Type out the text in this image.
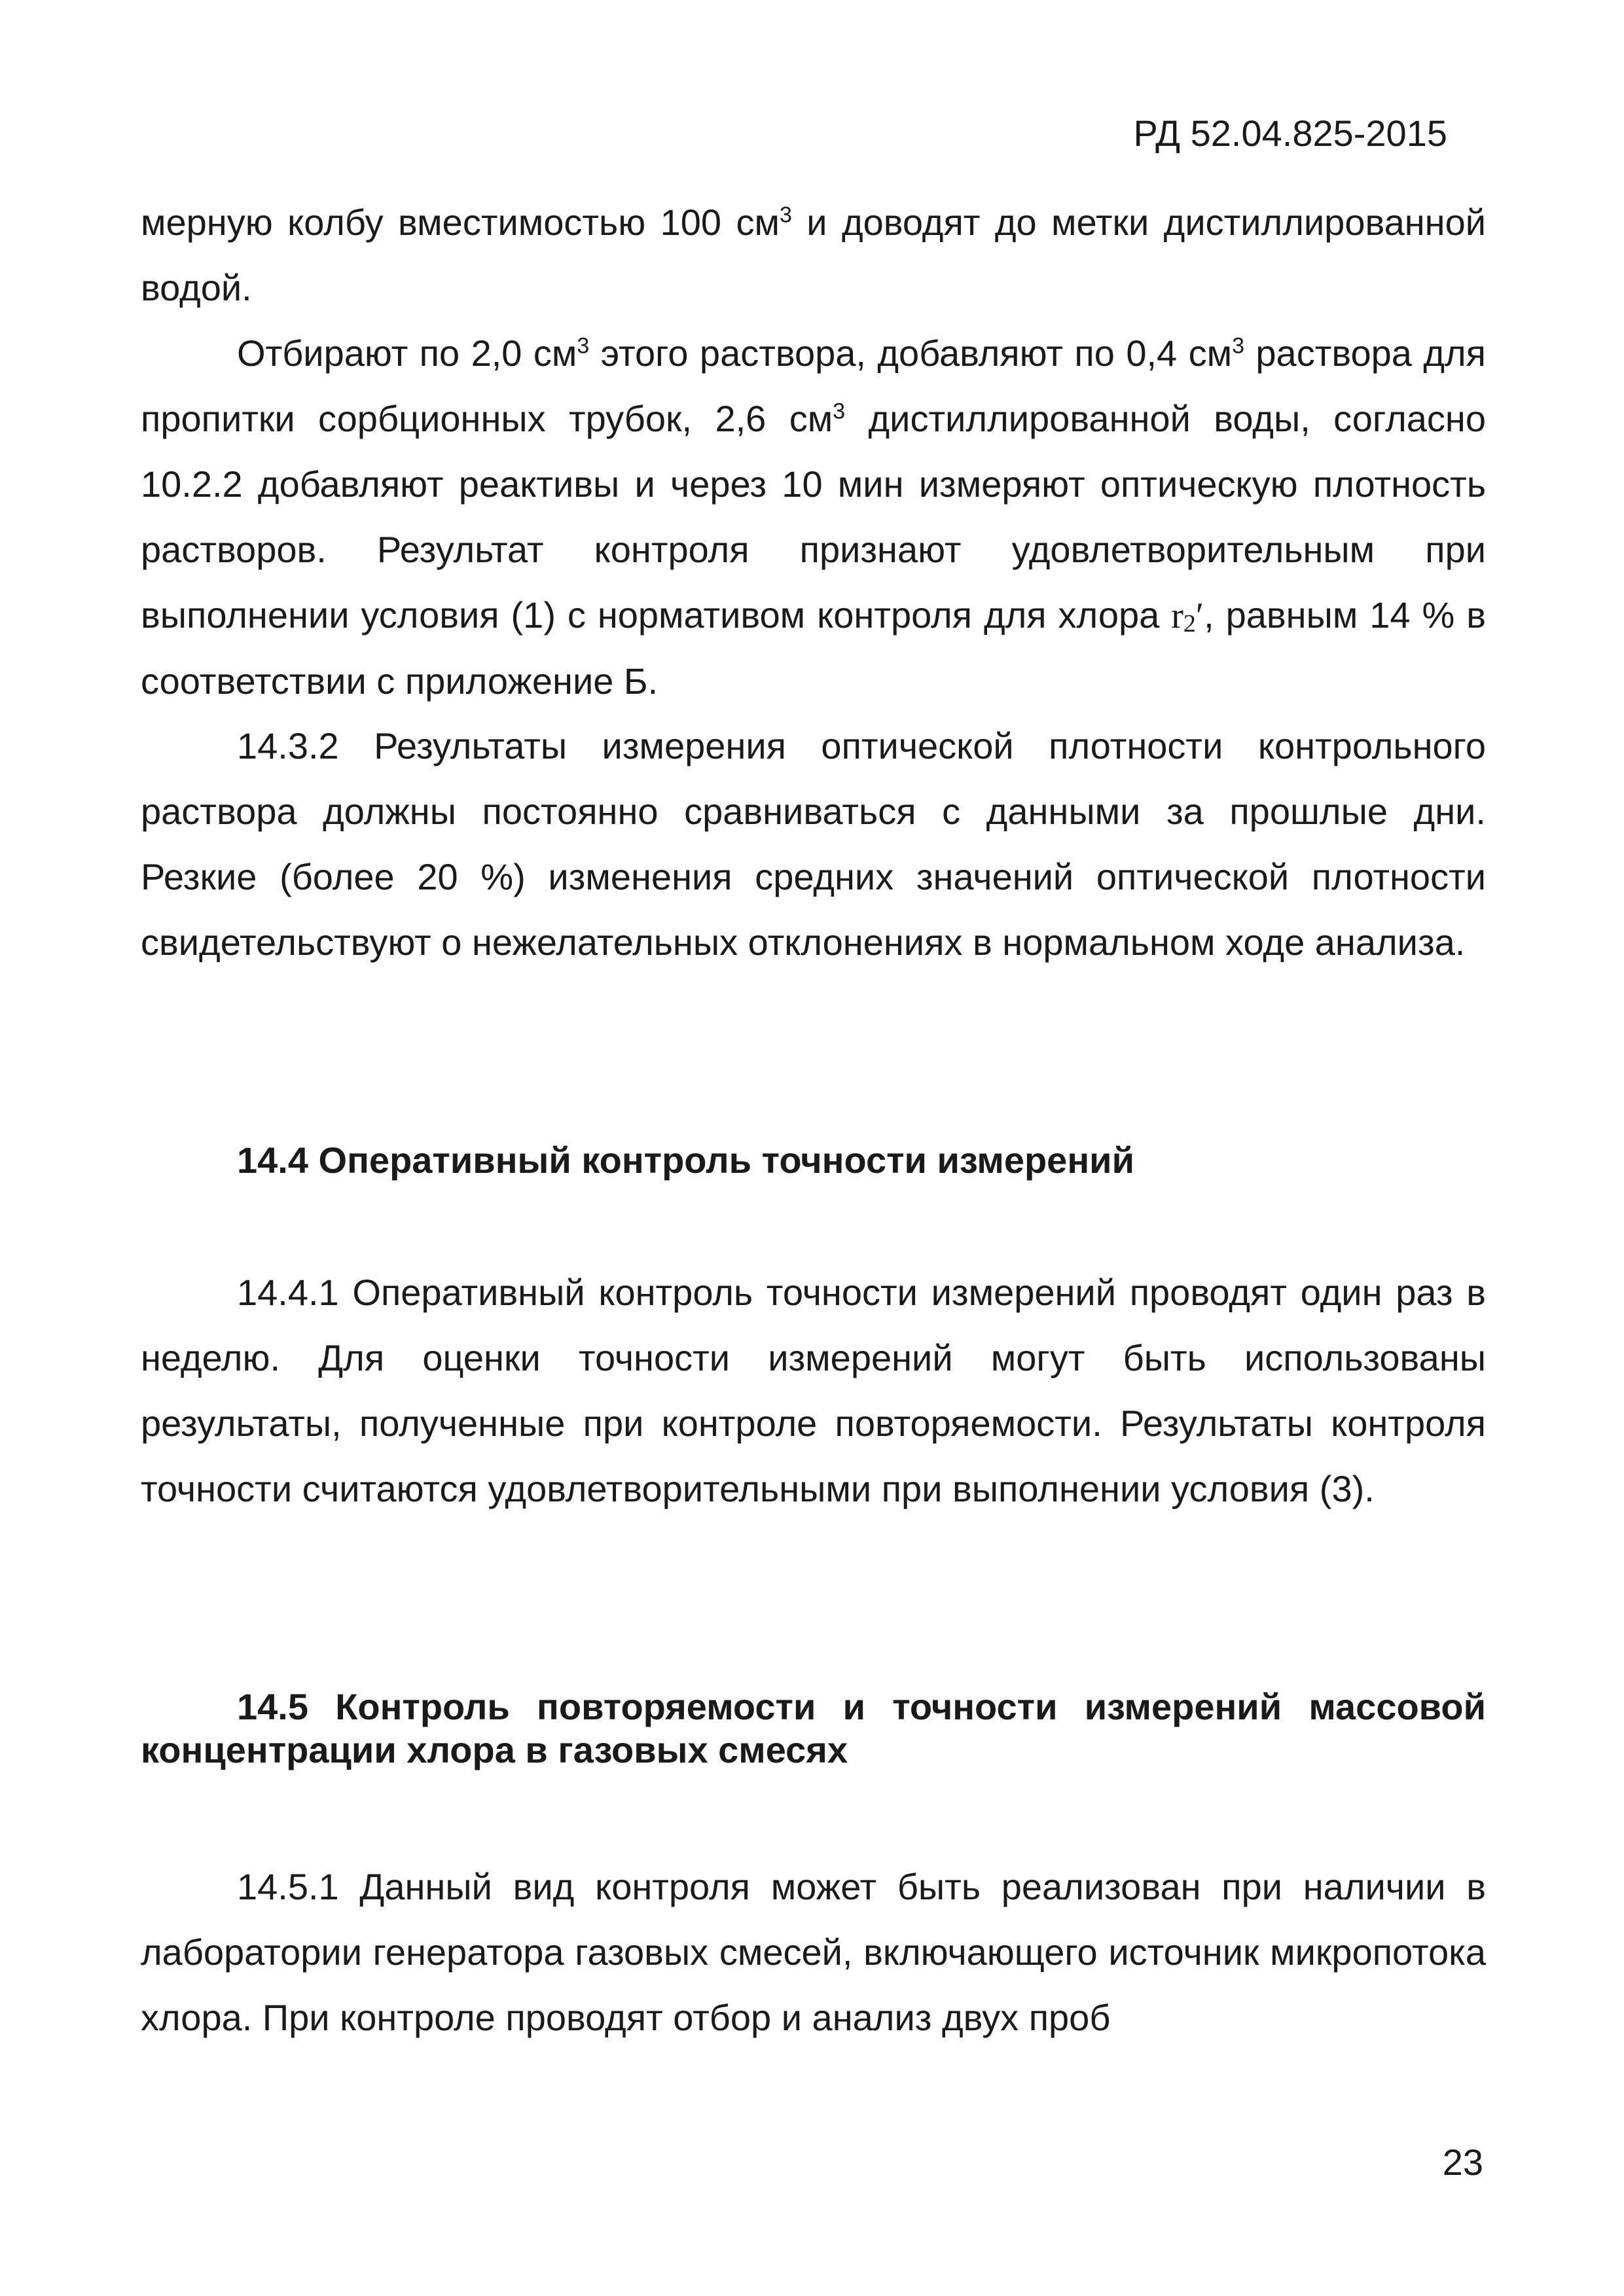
РД 52.04.825-2015

мерную колбу вместимостью 100 $см^3$ и доводят до метки дистиллированной водой.

Отбирают по 2,0 $см^3$ этого раствора, добавляют по 0,4 $см^3$ раствора для пропитки сорбционных трубок, 2,6 $см^3$ дистиллированной воды, согласно 10.2.2 добавляют реактивы и через 10 мин измеряют оптическую плотность растворов. Результат контроля признают удовлетворительным при выполнении условия (1) с нормативом контроля для хлора $r_2'$, равным 14 % в соответствии с приложение Б.

14.3.2 Результаты измерения оптической плотности контрольного раствора должны постоянно сравниваться с данными за прошлые дни. Резкие (более 20 %) изменения средних значений оптической плотности свидетельствуют о нежелательных отклонениях в нормальном ходе анализа.

14.4 Оперативный контроль точности измерений

14.4.1 Оперативный контроль точности измерений проводят один раз в неделю. Для оценки точности измерений могут быть использованы результаты, полученные при контроле повторяемости. Результаты контроля точности считаются удовлетворительными при выполнении условия (3).

14.5 Контроль повторяемости и точности измерений массовой концентрации хлора в газовых смесях

14.5.1 Данный вид контроля может быть реализован при наличии в лаборатории генератора газовых смесей, включающего источник микропотока хлора. При контроле проводят отбор и анализ двух проб

23
